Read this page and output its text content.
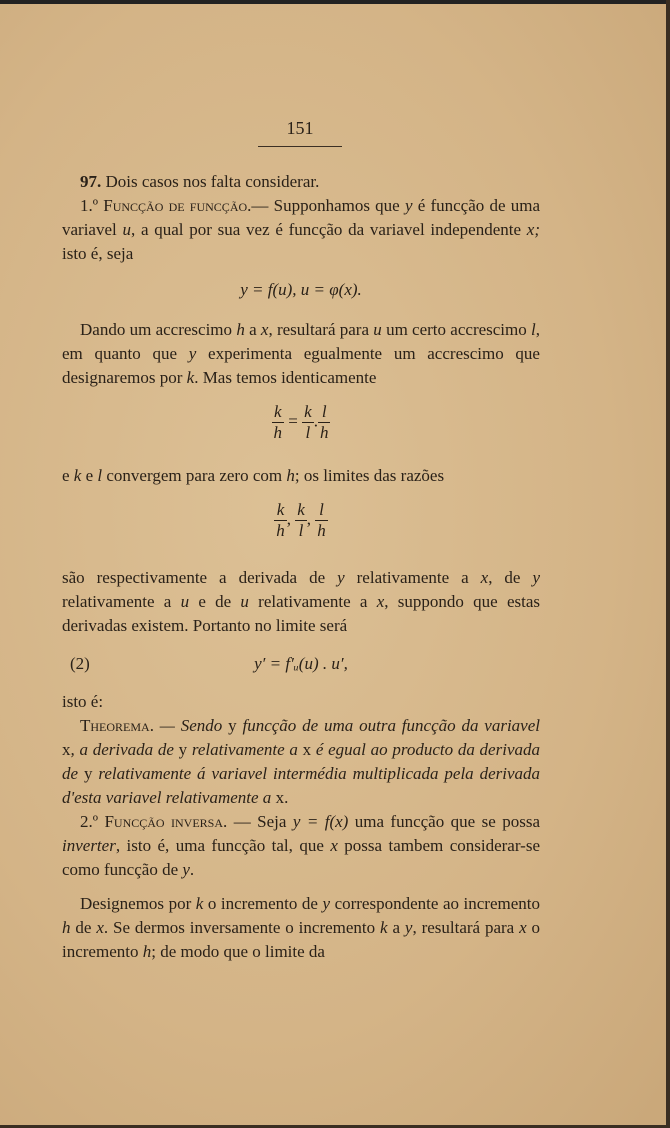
151

97. Dois casos nos falta considerar.

1.º Funcção de funcção.— Supponhamos que y é funcção de uma variavel u, a qual por sua vez é funcção da variavel independente x; isto é, seja

y = f(u), u = φ(x).

Dando um accrescimo h a x, resultará para u um certo accrescimo l, em quanto que y experimenta egualmente um accrescimo que designaremos por k. Mas temos identicamente

$\frac{k}{h} = \frac{k}{l}$ . $\frac{l}{h}$

e k e l convergem para zero com h; os limites das razões

$\frac{k}{h}$ , $\frac{k}{l}$ , $\frac{l}{h}$

são respectivamente a derivada de y relativamente a x, de y relativamente a u e de u relativamente a x, suppondo que estas derivadas existem. Portanto no limite será

y′ = f′ᵤ(u) . u′,
(2)

isto é:

Theorema. — Sendo y funcção de uma outra funcção da variavel x, a derivada de y relativamente a x é egual ao producto da derivada de y relativamente á variavel intermédia multiplicada pela derivada d'esta variavel relativamente a x.

2.º Funcção inversa. — Seja y = f(x) uma funcção que se possa inverter, isto é, uma funcção tal, que x possa tambem considerar-se como funcção de y.

Designemos por k o incremento de y correspondente ao incremento h de x. Se dermos inversamente o incremento k a y, resultará para x o incremento h; de modo que o limite da
